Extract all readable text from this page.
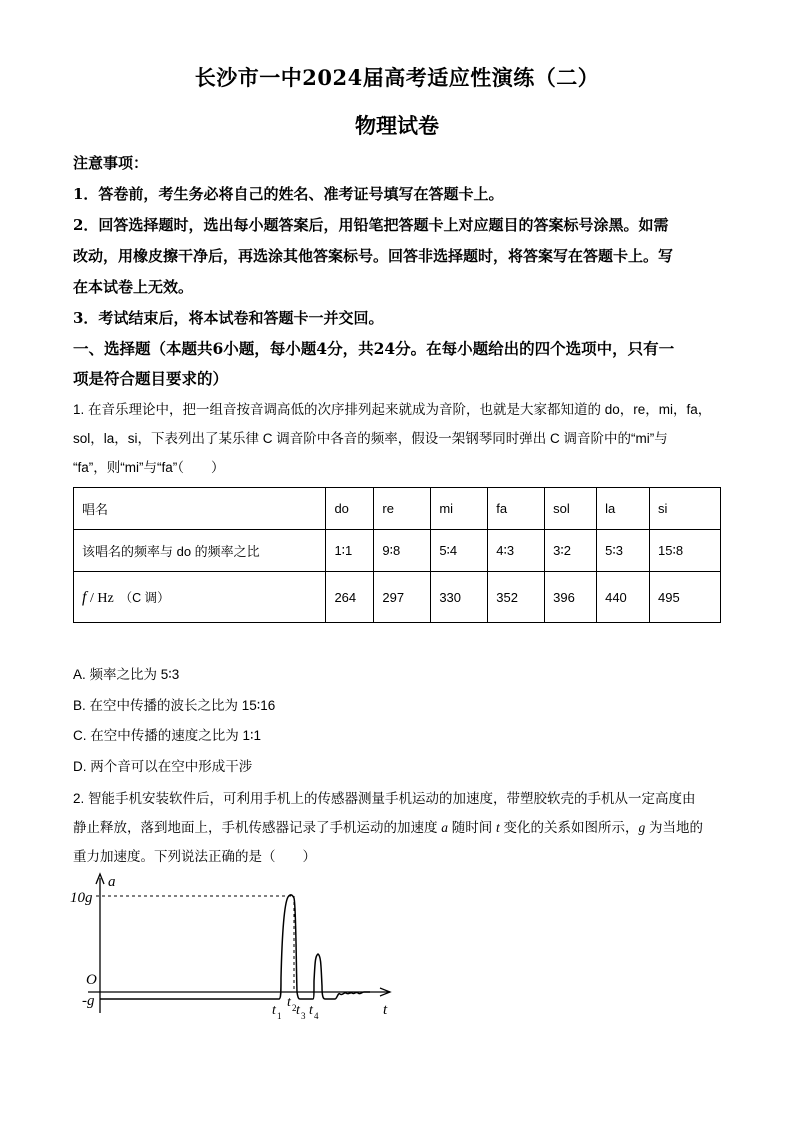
长沙市一中2024届高考适应性演练（二）
物理试卷

注意事项：

1．答卷前，考生务必将自己的姓名、准考证号填写在答题卡上。

2．回答选择题时，选出每小题答案后，用铅笔把答题卡上对应题目的答案标号涂黑。如需

改动，用橡皮擦干净后，再选涂其他答案标号。回答非选择题时，将答案写在答题卡上。写

在本试卷上无效。

3．考试结束后，将本试卷和答题卡一并交回。

一、选择题（本题共6小题，每小题4分，共24分。在每小题给出的四个选项中，只有一
项是符合题目要求的）
1. 在音乐理论中，把一组音按音调高低的次序排列起来就成为音阶，也就是大家都知道的 do，re，mi，fa，
sol，la，si，下表列出了某乐律 C 调音阶中各音的频率，假设一架钢琴同时弹出 C 调音阶中的“mi”与
“fa”，则“mi”与“fa”（　　）
唱名	do	re	mi	fa	sol	la	si
该唱名的频率与 do 的频率之比	1∶1	9∶8	5∶4	4∶3	3∶2	5∶3	15∶8
f / Hz （C 调）	264	297	330	352	396	440	495

A. 频率之比为 5∶3

B. 在空中传播的波长之比为 15∶16

C. 在空中传播的速度之比为 1∶1

D. 两个音可以在空中形成干涉

2. 智能手机安装软件后，可利用手机上的传感器测量手机运动的加速度，带塑胶软壳的手机从一定高度由
静止释放，落到地面上，手机传感器记录了手机运动的加速度 a 随时间 t 变化的关系如图所示，g 为当地的
重力加速度。下列说法正确的是（　　）
a
t
10g
O
-g
t 1
t 2 t 3 t 4
